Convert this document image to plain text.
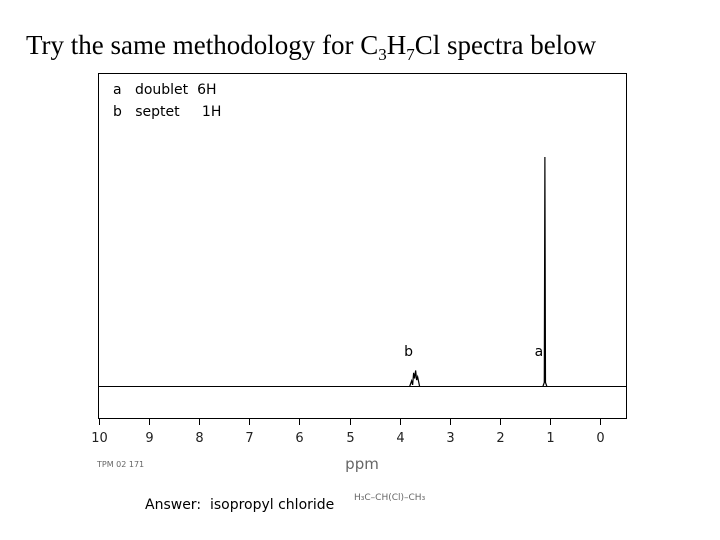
Try the same methodology for $C_3H_7Cl$ spectra below
10	9	8	7	6	5	4	3	2	1	0
a
b
ppm
TPM 02 171
a doublet 6H
b septet 1H
Answer: isopropyl chloride H₃C–CH(Cl)–CH₃
